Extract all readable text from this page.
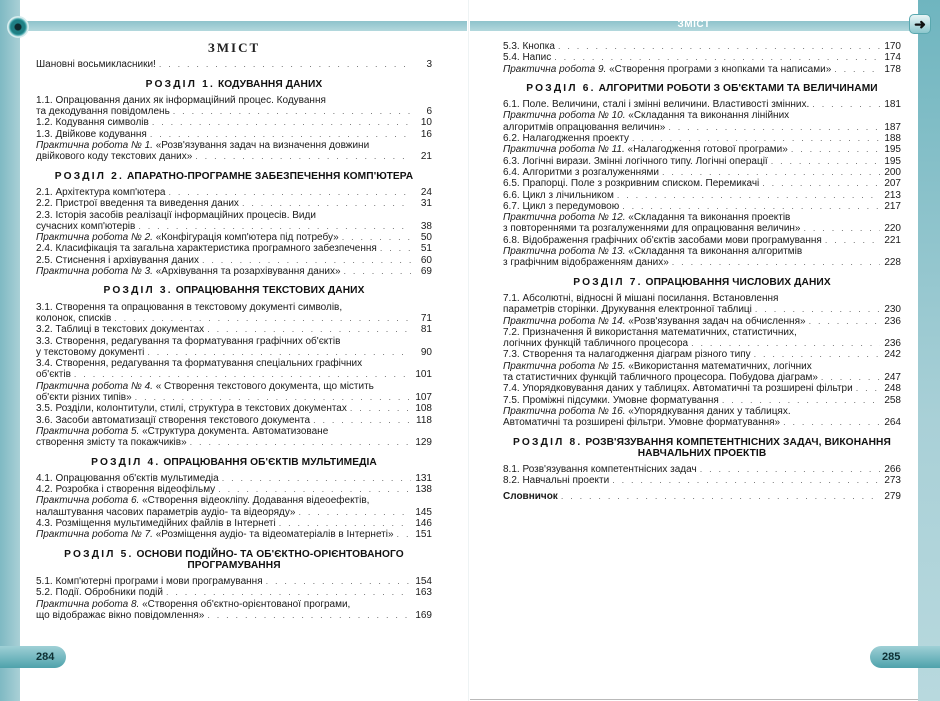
ЗМІСТ	➜
284	285
ЗМІСТ
Шановні восьмикласники! . . .	3
РОЗДІЛ 1. КОДУВАННЯ ДАНИХ
1.1. Опрацювання даних як інформаційний процес. Кодування
та декодування повідомлень . . .	6
1.2. Кодування символів . . .	10
1.3. Двійкове кодування . . .	16
Практична робота № 1. «Розв'язування задач на визначення довжини
двійкового коду текстових даних» . . .	21
РОЗДІЛ 2. АПАРАТНО-ПРОГРАМНЕ ЗАБЕЗПЕЧЕННЯ КОМП'ЮТЕРА
2.1. Архітектура комп'ютера . . .	24
2.2. Пристрої введення та виведення даних . . .	31
2.3. Історія засобів реалізації інформаційних процесів. Види
сучасних комп'ютерів . . .	38
Практична робота № 2. «Конфігурація комп'ютера під потребу» . . .	50
2.4. Класифікація та загальна характеристика програмного забезпечення . . .	51
2.5. Стиснення і архівування даних . . .	60
Практична робота № 3. «Архівування та розархівування даних» . . .	69
РОЗДІЛ 3. ОПРАЦЮВАННЯ ТЕКСТОВИХ ДАНИХ
3.1. Створення та опрацювання в текстовому документі символів,
колонок, списків . . .	71
3.2. Таблиці в текстових документах . . .	81
3.3. Створення, редагування та форматування графічних об'єктів
у текстовому документі . . .	90
3.4. Створення, редагування та форматування спеціальних графічних
об'єктів . . .	101
Практична робота № 4. « Створення текстового документа, що містить
об'єкти різних типів» . . .	107
3.5. Розділи, колонтитули, стилі, структура в текстових документах . . .	108
3.6. Засоби автоматизації створення текстового документа . . .	118
Практична робота 5. «Структура документа. Автоматизоване
створення змісту та покажчиків» . . .	129
РОЗДІЛ 4. ОПРАЦЮВАННЯ ОБ'ЄКТІВ МУЛЬТИМЕДІА
4.1. Опрацювання об'єктів мультимедіа . . .	131
4.2. Розробка і створення відеофільму . . .	138
Практична робота 6. «Створення відеокліпу. Додавання відеоефектів,
налаштування часових параметрів аудіо- та відеоряду» . . .	145
4.3. Розміщення мультимедійних файлів в Інтернеті . . .	146
Практична робота № 7. «Розміщення аудіо- та відеоматеріалів в Інтернеті» . . . 151
РОЗДІЛ 5. ОСНОВИ ПОДІЙНО- ТА ОБ'ЄКТНО-ОРІЄНТОВАНОГО
ПРОГРАМУВАННЯ
5.1. Комп'ютерні програми і мови програмування . . .	154
5.2. Події. Обробники подій . . .	163
Практична робота 8. «Створення об'єктно-орієнтованої програми,
що відображає вікно повідомлення» . . .	169
5.3. Кнопка . . .	170
5.4. Напис . . .	174
Практична робота 9. «Створення програми з кнопками та написами» . . .	178
РОЗДІЛ 6. АЛГОРИТМИ РОБОТИ З ОБ'ЄКТАМИ ТА ВЕЛИЧИНАМИ
6.1. Поле. Величини, сталі і змінні величини. Властивості змінних. . . .	181
Практична робота № 10. «Складання та виконання лінійних
алгоритмів опрацювання величин» . . .	187
6.2. Налагодження проекту . . .	188
Практична робота № 11. «Налагодження готової програми» . . .	195
6.3. Логічні вирази. Змінні логічного типу. Логічні операції . . .	195
6.4. Алгоритми з розгалуженнями . . .	200
6.5. Прапорці. Поле з розкривним списком. Перемикачі . . .	207
6.6. Цикл з лічильником . . .	213
6.7. Цикл з передумовою . . .	217
Практична робота № 12. «Складання та виконання проектів
з повтореннями та розгалуженнями для опрацювання величин» . . .	220
6.8. Відображення графічних об'єктів засобами мови програмування . . .	221
Практична робота № 13. «Складання та виконання алгоритмів
з графічним відображенням даних» . . .	228
РОЗДІЛ 7. ОПРАЦЮВАННЯ ЧИСЛОВИХ ДАНИХ
7.1. Абсолютні, відносні й мішані посилання. Встановлення
параметрів сторінки. Друкування електронної таблиці . . .	230
Практична робота № 14. «Розв'язування задач на обчислення» . . .	236
7.2. Призначення й використання математичних, статистичних,
логічних функцій табличного процесора . . .	236
7.3. Створення та налагодження діаграм різного типу . . .	242
Практична робота № 15. «Використання математичних, логічних
та статистичних функцій табличного процесора. Побудова діаграм» . . .	247
7.4. Упорядковування даних у таблицях. Автоматичні та розширені фільтри . . .	248
7.5. Проміжні підсумки. Умовне форматування . . .	258
Практична робота № 16. «Упорядкування даних у таблицях.
Автоматичні та розширені фільтри. Умовне форматування» . . .	264
РОЗДІЛ 8. РОЗВ'ЯЗУВАННЯ КОМПЕТЕНТНІСНИХ ЗАДАЧ, ВИКОНАННЯ
НАВЧАЛЬНИХ ПРОЕКТІВ
8.1. Розв'язування компетентнісних задач . . .	266
8.2. Навчальні проекти . . .	273
Словничок . . .	279
